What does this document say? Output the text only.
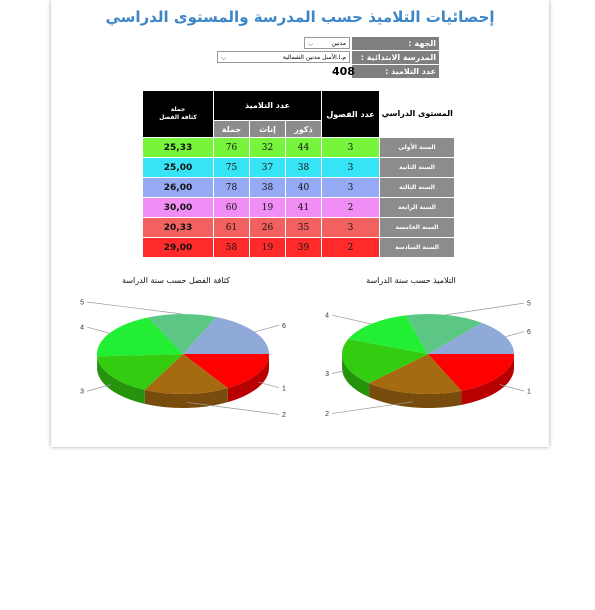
إحصائيات التلاميذ حسب المدرسة والمستوى الدراسي
الجهة :
مدنين
⌵
المدرسة الابتدائية :
م.ا.الأسل مدنين الشمالية
⌵
عدد التلاميذ :
408
جملة
كثافة الفصل	عدد التلاميذ			عدد الفصول	المستوى الدراسي
	جملة	إناث	ذكور		
25,33	76	32	44	3	السنة الأولى
25,00	75	37	38	3	السنة الثانية
26,00	78	38	40	3	السنة الثالثة
30,00	60	19	41	2	السنة الرابعة
20,33	61	26	35	3	السنة الخامسة
29,00	58	19	39	2	السنة السادسة
كثافة الفصل حسب سنة الدراسة
1
2
3
4
5
6
التلاميذ حسب سنة الدراسة
1
2
3
4
5
6
